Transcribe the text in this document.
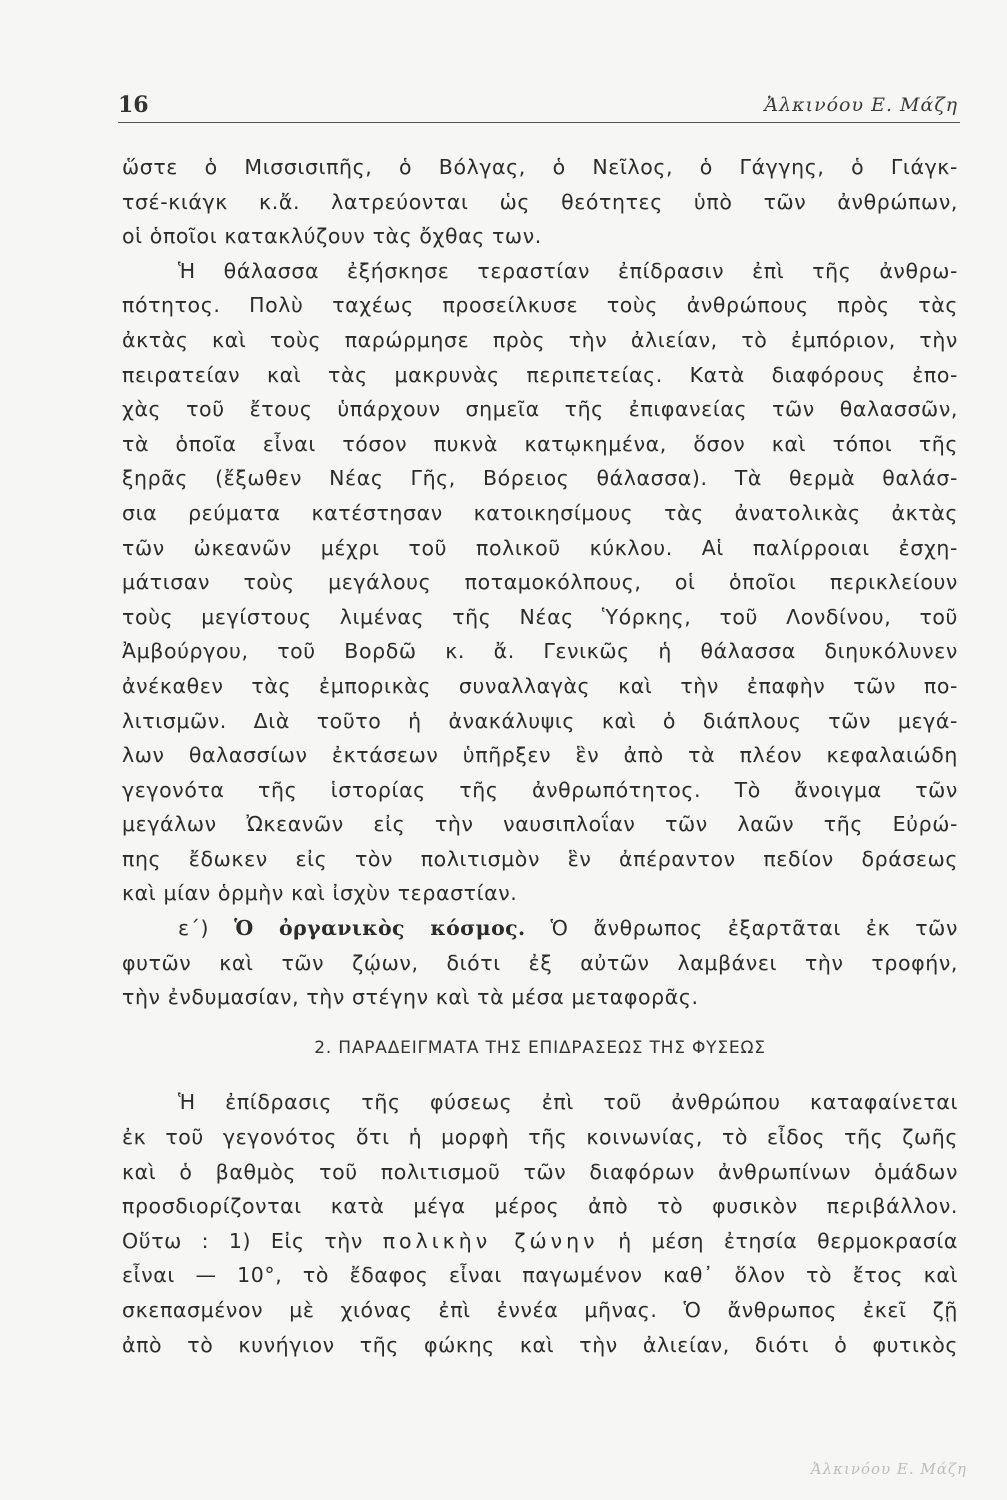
16	Ἀλκινόου Ε. Μάζη
ὥστε ὁ Μισσισιπῆς, ὁ Βόλγας, ὁ Νεῖλος, ὁ Γάγγης, ὁ Γιάγκ-
τσέ-κιάγκ κ.ἄ. λατρεύονται ὡς θεότητες ὑπὸ τῶν ἀνθρώπων,
οἱ ὁποῖοι κατακλύζουν τὰς ὄχθας των.
Ἡ θάλασσα ἐξήσκησε τεραστίαν ἐπίδρασιν ἐπὶ τῆς ἀνθρω-
πότητος. Πολὺ ταχέως προσείλκυσε τοὺς ἀνθρώπους πρὸς τὰς
ἀκτὰς καὶ τοὺς παρώρμησε πρὸς τὴν ἀλιείαν, τὸ ἐμπόριον, τὴν
πειρατείαν καὶ τὰς μακρυνὰς περιπετείας. Κατὰ διαφόρους ἐπο-
χὰς τοῦ ἔτους ὑπάρχουν σημεῖα τῆς ἐπιφανείας τῶν θαλασσῶν,
τὰ ὁποῖα εἶναι τόσον πυκνὰ κατῳκημένα, ὅσον καὶ τόποι τῆς
ξηρᾶς (ἔξωθεν Νέας Γῆς, Βόρειος θάλασσα). Τὰ θερμὰ θαλάσ-
σια ρεύματα κατέστησαν κατοικησίμους τὰς ἀνατολικὰς ἀκτὰς
τῶν ὠκεανῶν μέχρι τοῦ πολικοῦ κύκλου. Αἱ παλίρροιαι ἐσχη-
μάτισαν τοὺς μεγάλους ποταμοκόλπους, οἱ ὁποῖοι περικλείουν
τοὺς μεγίστους λιμένας τῆς Νέας Ὑόρκης, τοῦ Λονδίνου, τοῦ
Ἀμβούργου, τοῦ Βορδῶ κ. ἄ. Γενικῶς ἡ θάλασσα διηυκόλυνεν
ἀνέκαθεν τὰς ἐμπορικὰς συναλλαγὰς καὶ τὴν ἐπαφὴν τῶν πο-
λιτισμῶν. Διὰ τοῦτο ἡ ἀνακάλυψις καὶ ὁ διάπλους τῶν μεγά-
λων θαλασσίων ἐκτάσεων ὑπῆρξεν ἓν ἀπὸ τὰ πλέον κεφαλαιώδη
γεγονότα τῆς ἱστορίας τῆς ἀνθρωπότητος. Τὸ ἄνοιγμα τῶν
μεγάλων Ὠκεανῶν εἰς τὴν ναυσιπλοΐαν τῶν λαῶν τῆς Εὐρώ-
πης ἔδωκεν εἰς τὸν πολιτισμὸν ἓν ἀπέραντον πεδίον δράσεως
καὶ μίαν ὁρμὴν καὶ ἰσχὺν τεραστίαν.
ε΄) Ὁ ὀργανικὸς κόσμος. Ὁ ἄνθρωπος ἐξαρτᾶται ἐκ τῶν
φυτῶν καὶ τῶν ζῴων, διότι ἐξ αὐτῶν λαμβάνει τὴν τροφήν,
τὴν ἐνδυμασίαν, τὴν στέγην καὶ τὰ μέσα μεταφορᾶς.
2. ΠΑΡΑΔΕΙΓΜΑΤΑ ΤΗΣ ΕΠΙΔΡΑΣΕΩΣ ΤΗΣ ΦΥΣΕΩΣ
Ἡ ἐπίδρασις τῆς φύσεως ἐπὶ τοῦ ἀνθρώπου καταφαίνεται
ἐκ τοῦ γεγονότος ὅτι ἡ μορφὴ τῆς κοινωνίας, τὸ εἶδος τῆς ζωῆς
καὶ ὁ βαθμὸς τοῦ πολιτισμοῦ τῶν διαφόρων ἀνθρωπίνων ὁμάδων
προσδιορίζονται κατὰ μέγα μέρος ἀπὸ τὸ φυσικὸν περιβάλλον.
Οὕτω : 1) Εἰς τὴν πολικὴν ζώνην ἡ μέση ἐτησία θερμοκρασία
εἶναι — 10°, τὸ ἔδαφος εἶναι παγωμένον καθ᾽ ὅλον τὸ ἔτος καὶ
σκεπασμένον μὲ χιόνας ἐπὶ ἐννέα μῆνας. Ὁ ἄνθρωπος ἐκεῖ ζῇ
ἀπὸ τὸ κυνήγιον τῆς φώκης καὶ τὴν ἀλιείαν, διότι ὁ φυτικὸς
Ἀλκινόου Ε. Μάζη
